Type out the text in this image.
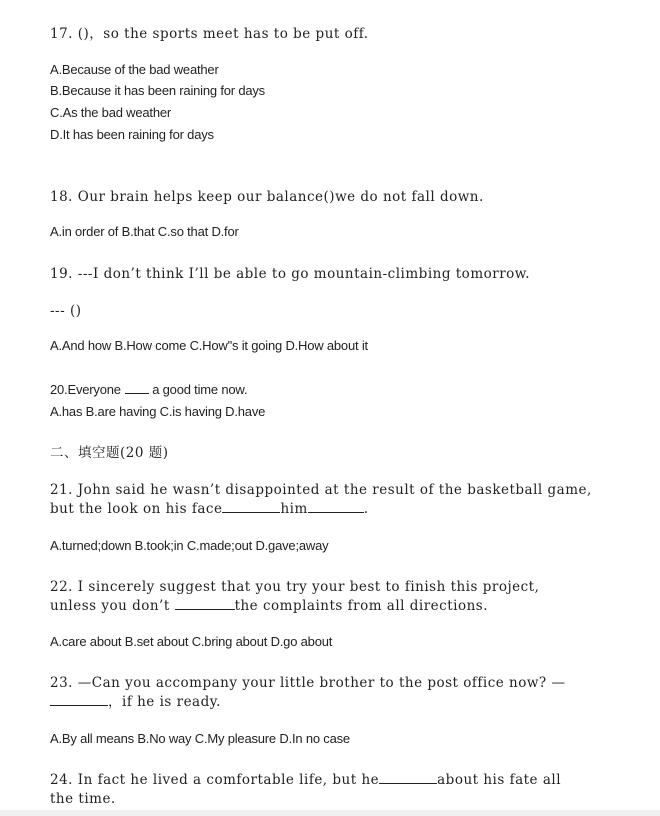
17. ()，so the sports meet has to be put off.
A.Because of the bad weather
B.Because it has been raining for days
C.As the bad weather
D.It has been raining for days
18. Our brain helps keep our balance()we do not fall down.
A.in order of B.that C.so that D.for
19. ---I don’t think I’ll be able to go mountain-climbing tomorrow.
--- ()
A.And how B.How come C.How"s it going D.How about it
20.Everyone a good time now.
A.has B.are having C.is having D.have
二、填空题(20 题)
21. John said he wasn’t disappointed at the result of the basketball game,
but the look on his face	him	.
A.turned;down B.took;in C.made;out D.gave;away
22. I sincerely suggest that you try your best to finish this project,
unless you don’t	the complaints from all directions.
A.care about B.set about C.bring about D.go about
23. —Can you accompany your little brother to the post office now? —
，if he is ready.
A.By all means B.No way C.My pleasure D.In no case
24. In fact he lived a comfortable life, but he	about his fate all
the time.
